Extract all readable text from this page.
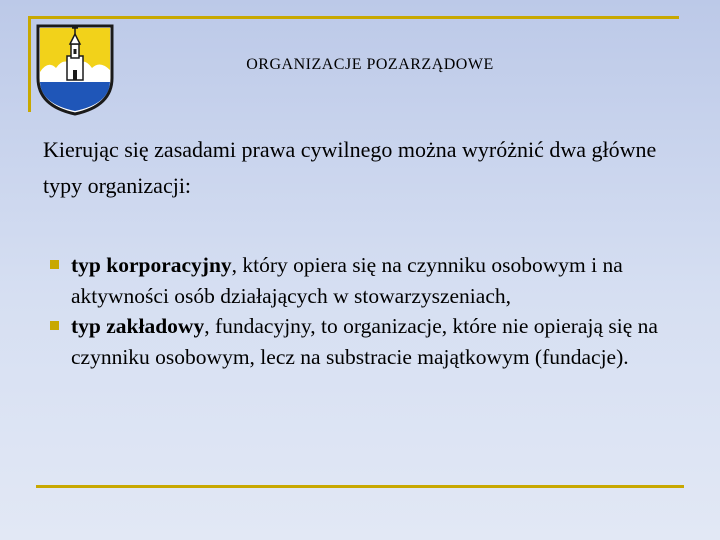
ORGANIZACJE POZARZĄDOWE
Kierując się zasadami prawa cywilnego można wyróżnić dwa główne typy organizacji:
typ korporacyjny, który opiera się na czynniku osobowym i na aktywności osób działających w stowarzyszeniach,
typ zakładowy, fundacyjny, to organizacje, które nie opierają się na czynniku osobowym, lecz na substracie majątkowym (fundacje).
